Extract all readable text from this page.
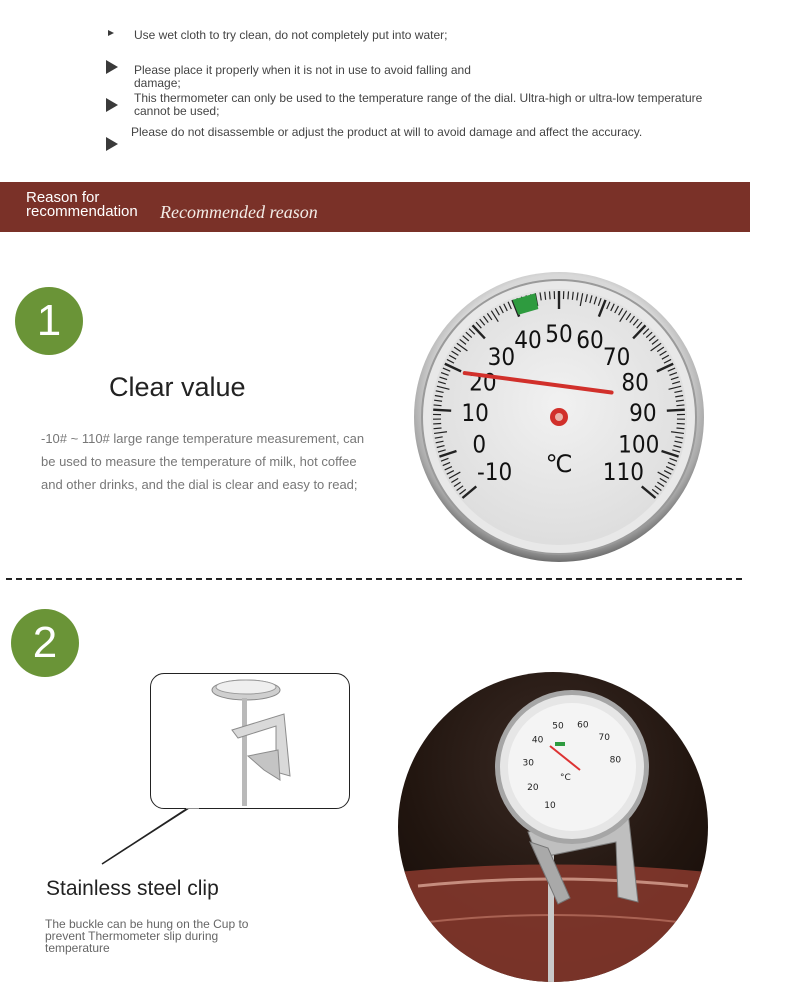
Use wet cloth to try clean, do not completely put into water;
Please place it properly when it is not in use to avoid falling and damage;
This thermometer can only be used to the temperature range of the dial. Ultra-high or ultra-low temperature cannot be used;
Please do not disassemble or adjust the product at will to avoid damage and affect the accuracy.
Reason for recommendation	Recommended reason
1
Clear value
-10# ~ 110# large range temperature measurement, can be used to measure the temperature of milk, hot coffee and other drinks, and the dial is clear and easy to read;	-10
0
10
20
30
40 50 60
70
80
90
100
110
℃
2
Stainless steel clip
The buckle can be hung on the Cup to prevent Thermometer slip during temperature
10
20
30
40
50 60
70
80
°C
